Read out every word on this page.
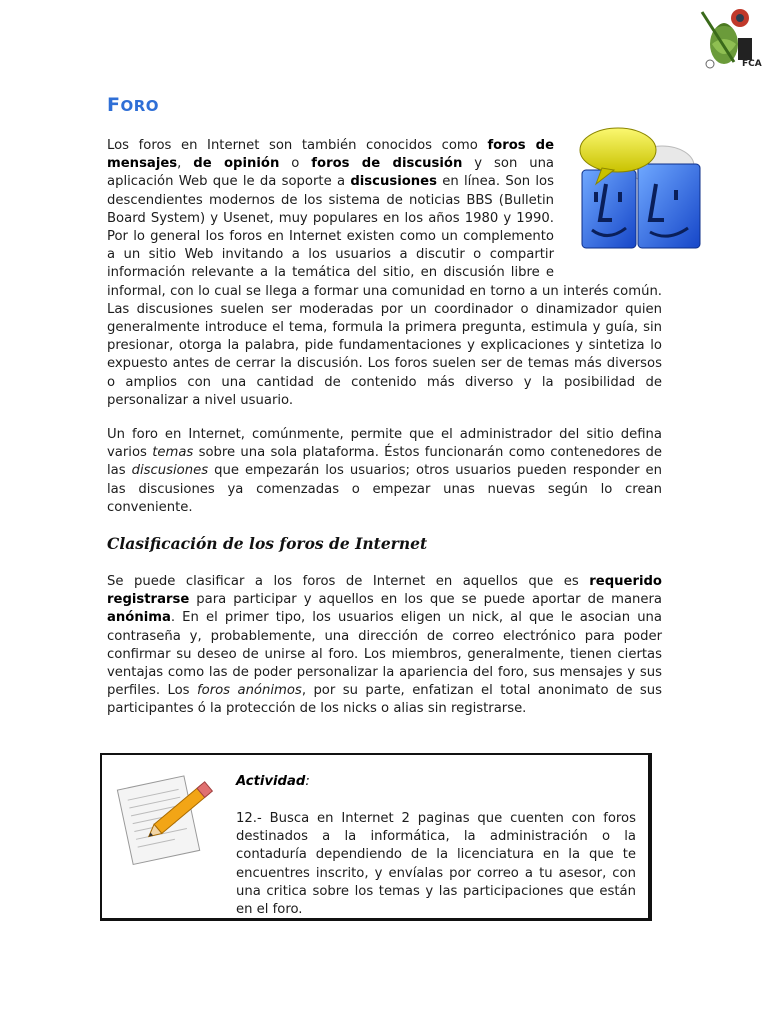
FCA
FORO
Los foros en Internet son también conocidos como foros de mensajes, de opinión o foros de discusión y son una aplicación Web que le da soporte a discusiones en línea. Son los descendientes modernos de los sistema de noticias BBS (Bulletin Board System) y Usenet, muy populares en los años 1980 y 1990. Por lo general los foros en Internet existen como un complemento a un sitio Web invitando a los usuarios a discutir o compartir información relevante a la temática del sitio, en discusión libre e informal, con lo cual se llega a formar una comunidad en torno a un interés común. Las discusiones suelen ser moderadas por un coordinador o dinamizador quien generalmente introduce el tema, formula la primera pregunta, estimula y guía, sin presionar, otorga la palabra, pide fundamentaciones y explicaciones y sintetiza lo expuesto antes de cerrar la discusión. Los foros suelen ser de temas más diversos o amplios con una cantidad de contenido más diverso y la posibilidad de personalizar a nivel usuario.
Un foro en Internet, comúnmente, permite que el administrador del sitio defina varios temas sobre una sola plataforma. Éstos funcionarán como contenedores de las discusiones que empezarán los usuarios; otros usuarios pueden responder en las discusiones ya comenzadas o empezar unas nuevas según lo crean conveniente.
Clasificación de los foros de Internet
Se puede clasificar a los foros de Internet en aquellos que es requerido registrarse para participar y aquellos en los que se puede aportar de manera anónima. En el primer tipo, los usuarios eligen un nick, al que le asocian una contraseña y, probablemente, una dirección de correo electrónico para poder confirmar su deseo de unirse al foro. Los miembros, generalmente, tienen ciertas ventajas como las de poder personalizar la apariencia del foro, sus mensajes y sus perfiles. Los foros anónimos, por su parte, enfatizan el total anonimato de sus participantes ó la protección de los nicks o alias sin registrarse.
Actividad:
12.- Busca en Internet 2 paginas que cuenten con foros destinados a la informática, la administración o la contaduría dependiendo de la licenciatura en la que te encuentres inscrito, y envíalas por correo a tu asesor, con una critica sobre los temas y las participaciones que están en el foro.
